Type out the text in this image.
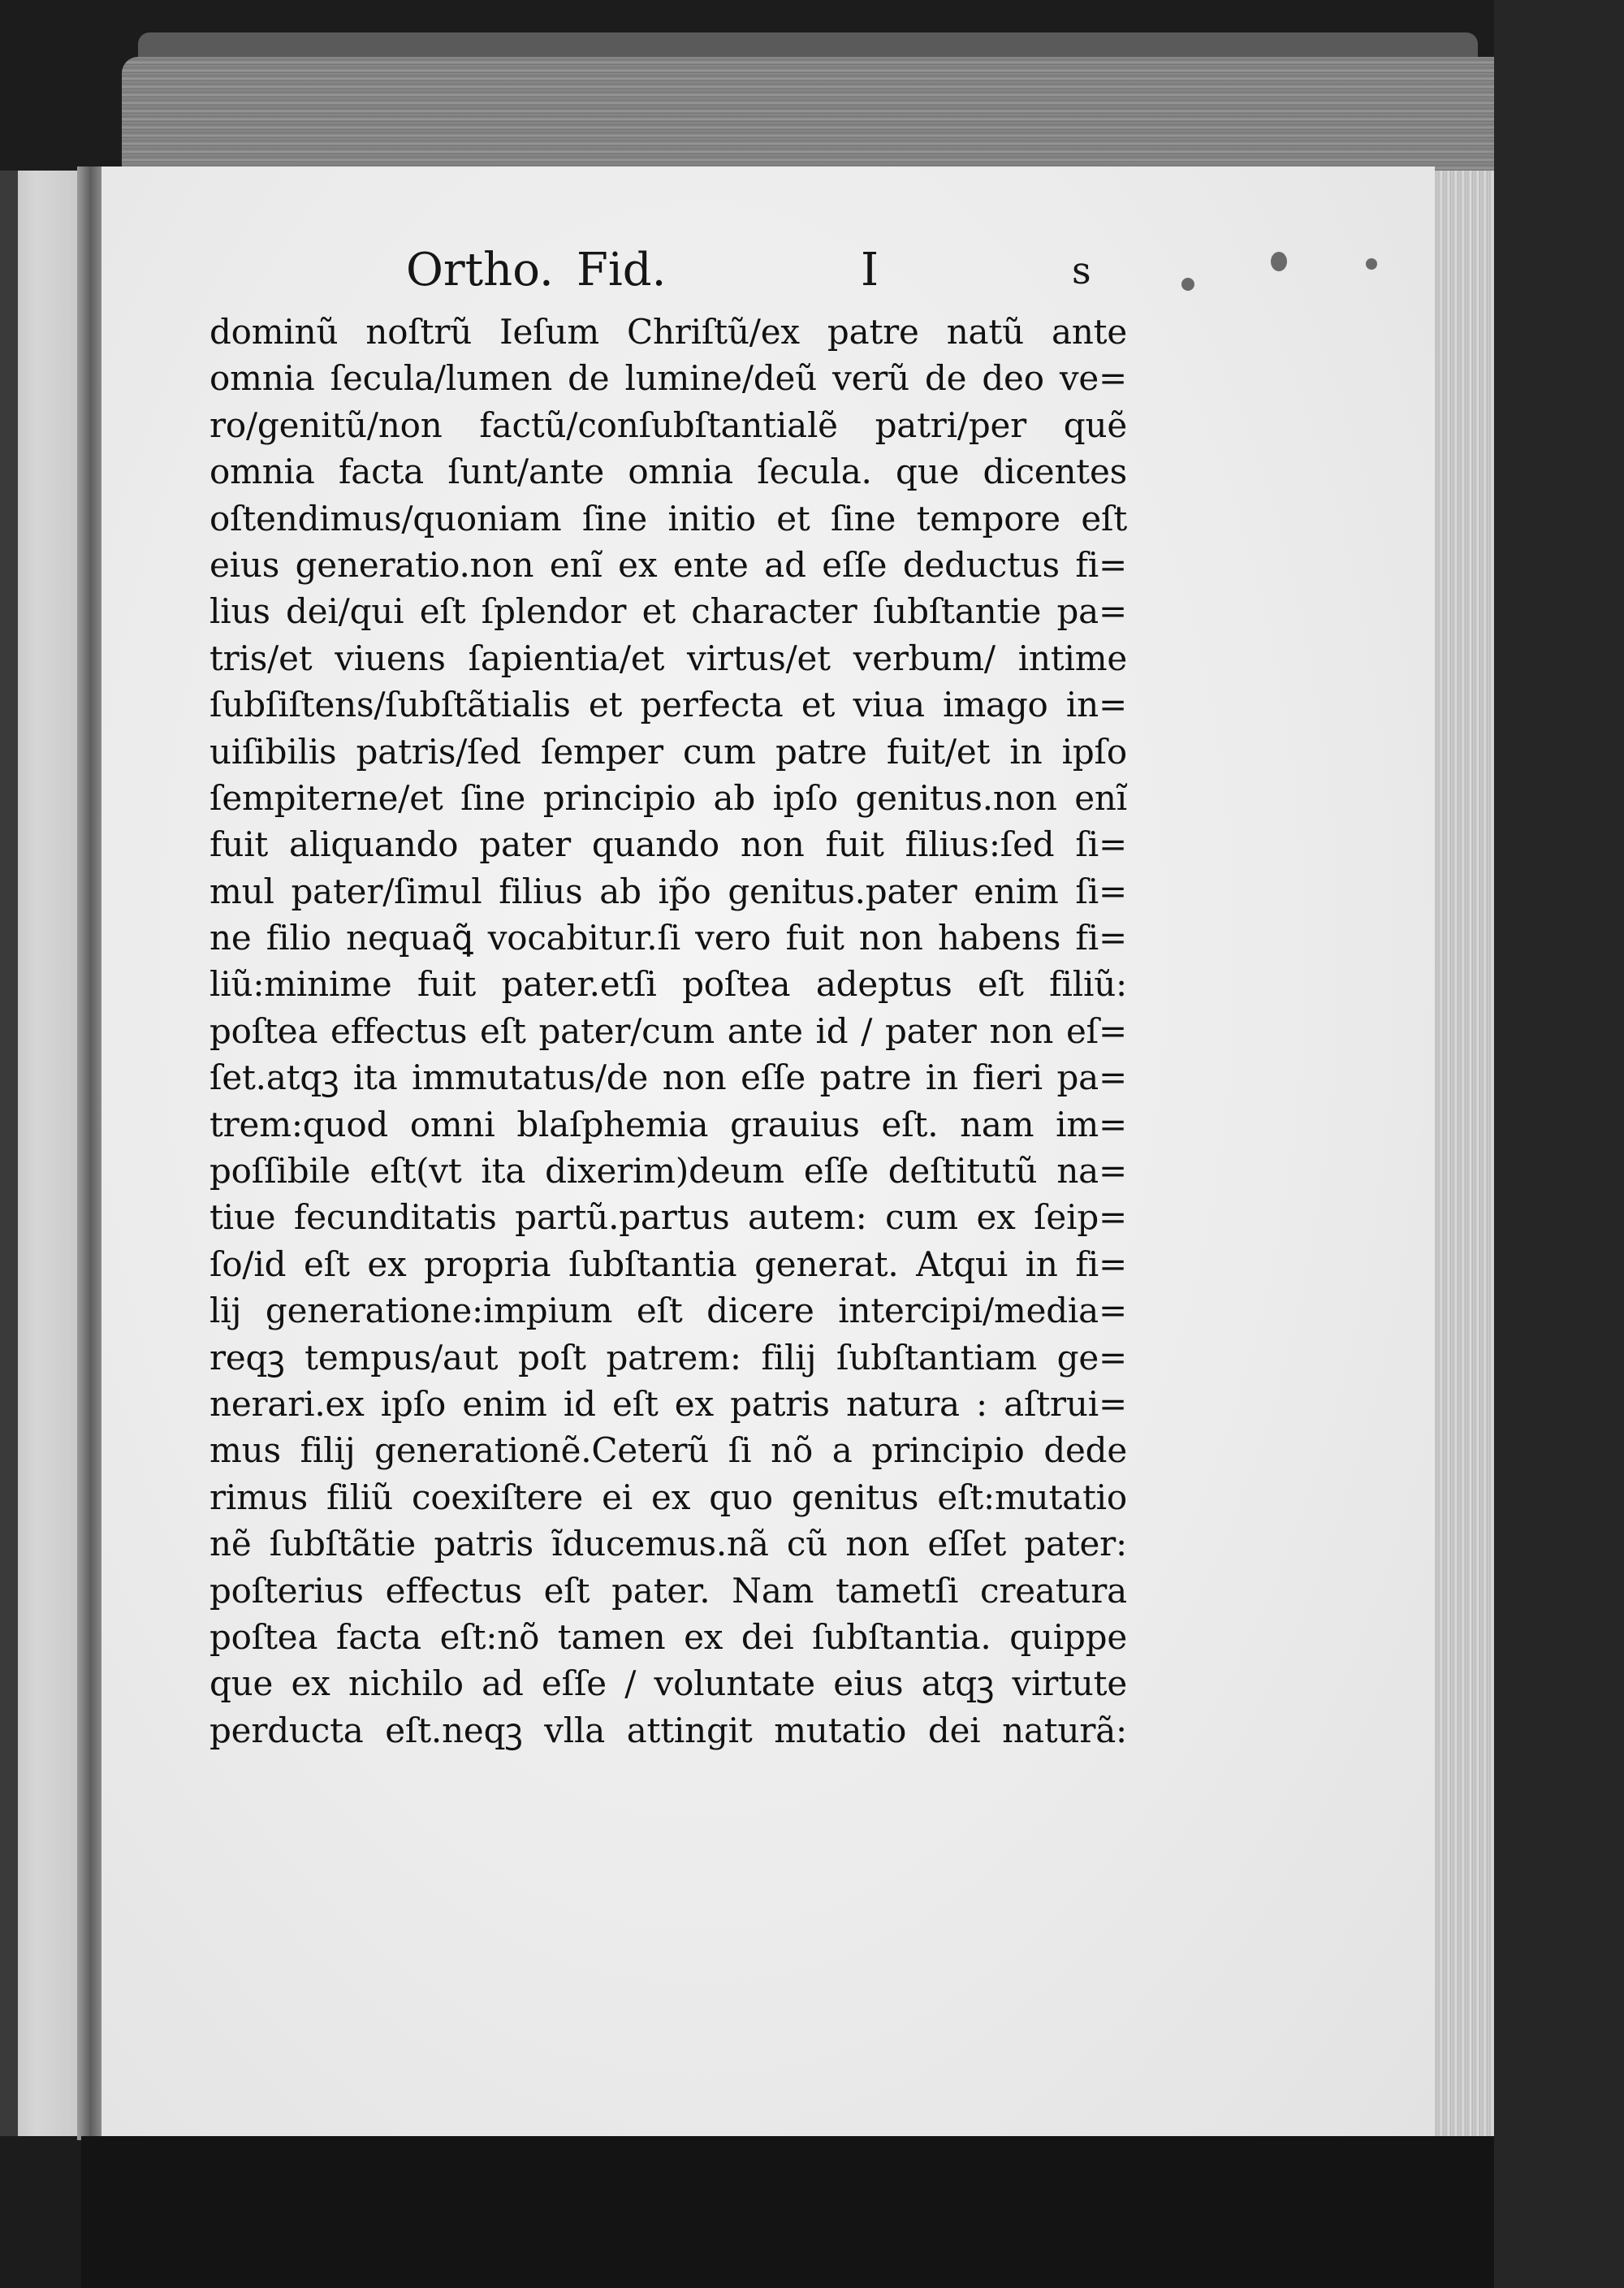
Ortho. Fid.	I	s
dominũ noſtrũ Ieſum Chriſtũ/ex patre natũ ante
omnia ſecula/lumen de lumine/deũ verũ de deo ve=
ro/genitũ/non factũ/conſubſtantialẽ patri/per quẽ
omnia facta ſunt/ante omnia ſecula. que dicentes
oſtendimus/quoniam ſine initio et ſine tempore eſt
eius generatio.non enĩ ex ente ad eſſe deductus fi=
lius dei/qui eſt ſplendor et character ſubſtantie pa=
tris/et viue‍ns ſapientia/et virtus/et verbum/ intime
ſubſiſtens/ſubſtãtialis et perfecta et viua imago in=
uiſibilis patris/ſed ſemper cum patre fuit/et in ipſo
ſempiterne/et ſine principio ab ipſo genitus.non enĩ
fuit aliquando pater quando non fuit filius:ſed ſi=
mul pater/ſimul filius ab ip̃o genitus.pater enim ſi=
ne filio nequaꝗ̃ vocabitur.ſi vero fuit non habens fi=
liũ:minime fuit pater.etſi poſtea adeptus eſt filiũ:
poſtea effectus eſt pater/cum ante id / pater non eſ=
ſet.atqꝫ ita immutatus/de non eſſe patre in fieri pa=
trem:quod omni blaſphemia grauius eſt. nam im=
poſſibile eſt(vt ita dixerim)deum eſſe deſtitutũ na=
tiue fecunditatis partũ.partus autem: cum ex ſeip=
ſo/id eſt ex propria ſubſtantia generat. Atqui in fi=
lij generatione:impium eſt dicere intercipi/media=
reqꝫ tempus/aut poſt patrem: filij ſubſtantiam ge=
nerari.ex ipſo enim id eſt ex patris natura : aſtrui=
mus filij generationẽ.Ceterũ ſi nõ a principio dede
rimus filiũ coexiſtere ei ex quo genitus eſt:mutatio
nẽ ſubſtãtie patris ĩducemus.nã cũ non eſſet pater:
poſterius effectus eſt pater. Nam tametſi creatura
poſtea facta eſt:nõ tamen ex dei ſubſtantia. quippe
que ex nichilo ad eſſe / voluntate eius atqꝫ virtute
perducta eſt.neqꝫ vlla attingit mutatio dei naturã:
